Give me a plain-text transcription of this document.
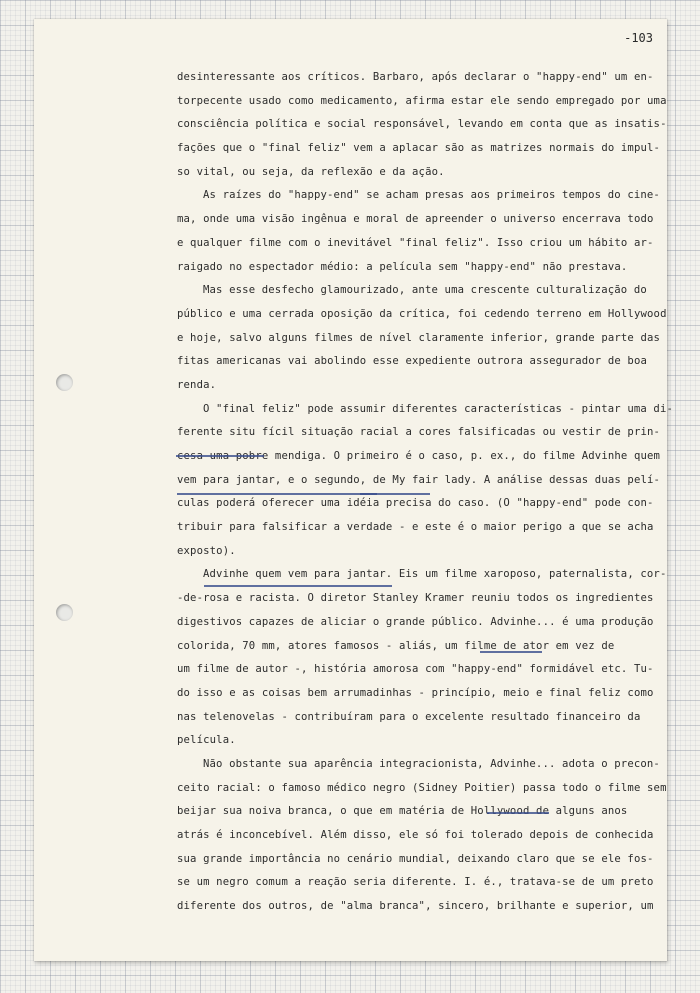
-103
desinteressante aos críticos. Barbaro, após declarar o "happy-end" um en-
torpecente usado como medicamento, afirma estar ele sendo empregado por uma
consciência política e social responsável, levando em conta que as insatis-
fações que o "final feliz" vem a aplacar são as matrizes normais do impul-
so vital, ou seja, da reflexão e da ação.
As raízes do "happy-end" se acham presas aos primeiros tempos do cine-
ma, onde uma visão ingênua e moral de apreender o universo encerrava todo
e qualquer filme com o inevitável "final feliz". Isso criou um hábito ar-
raigado no espectador médio: a película sem "happy-end" não prestava.
Mas esse desfecho glamourizado, ante uma crescente culturalização do
público e uma cerrada oposição da crítica, foi cedendo terreno em Hollywood
e hoje, salvo alguns filmes de nível claramente inferior, grande parte das
fitas americanas vai abolindo esse expediente outrora assegurador de boa
renda.
O "final feliz" pode assumir diferentes características - pintar uma di-
ferente situ fícil situação racial a cores falsificadas ou vestir de prin-
cesa uma pobre mendiga. O primeiro é o caso, p. ex., do filme Advinhe quem
vem para jantar, e o segundo, de My fair lady. A análise dessas duas pelí-
culas poderá oferecer uma idéia precisa do caso. (O "happy-end" pode con-
tribuir para falsificar a verdade - e este é o maior perigo a que se acha
exposto).
Advinhe quem vem para jantar. Eis um filme xaroposo, paternalista, cor-
-de-rosa e racista. O diretor Stanley Kramer reuniu todos os ingredientes
digestivos capazes de aliciar o grande público. Advinhe... é uma produção
colorida, 70 mm, atores famosos - aliás, um filme de ator em vez de
um filme de autor -, história amorosa com "happy-end" formidável etc. Tu-
do isso e as coisas bem arrumadinhas - princípio, meio e final feliz como
nas telenovelas - contribuíram para o excelente resultado financeiro da
película.
Não obstante sua aparência integracionista, Advinhe... adota o precon-
ceito racial: o famoso médico negro (Sidney Poitier) passa todo o filme sem
beijar sua noiva branca, o que em matéria de Hollywood de alguns anos
atrás é inconcebível. Além disso, ele só foi tolerado depois de conhecida
sua grande importância no cenário mundial, deixando claro que se ele fos-
se um negro comum a reação seria diferente. I. é., tratava-se de um preto
diferente dos outros, de "alma branca", sincero, brilhante e superior, um
